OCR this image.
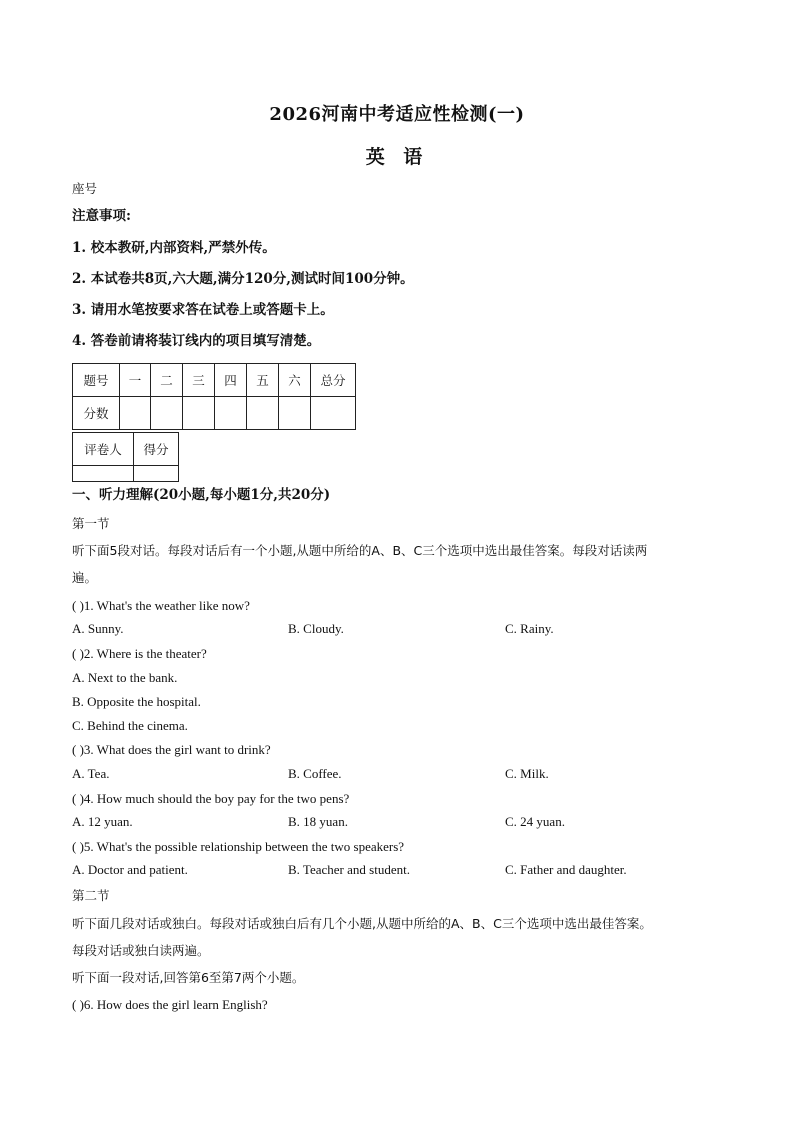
2026河南中考适应性检测(一)
英 语
座号
注意事项:
1. 校本教研,内部资料,严禁外传。
2. 本试卷共8页,六大题,满分120分,测试时间100分钟。
3. 请用水笔按要求答在试卷上或答题卡上。
4. 答卷前请将装订线内的项目填写清楚。
题号	一	二	三	四	五	六	总分
分数							
评卷人	得分

一、听力理解(20小题,每小题1分,共20分)
第一节
听下面5段对话。每段对话后有一个小题,从题中所给的A、B、C三个选项中选出最佳答案。每段对话读两
遍。
( )1. What's the weather like now?
A. Sunny.	B. Cloudy.	C. Rainy.
( )2. Where is the theater?
A. Next to the bank.
B. Opposite the hospital.
C. Behind the cinema.
( )3. What does the girl want to drink?
A. Tea.	B. Coffee.	C. Milk.
( )4. How much should the boy pay for the two pens?
A. 12 yuan.	B. 18 yuan.	C. 24 yuan.
( )5. What's the possible relationship between the two speakers?
A. Doctor and patient.	B. Teacher and student.	C. Father and daughter.
第二节
听下面几段对话或独白。每段对话或独白后有几个小题,从题中所给的A、B、C三个选项中选出最佳答案。
每段对话或独白读两遍。
听下面一段对话,回答第6至第7两个小题。
( )6. How does the girl learn English?
